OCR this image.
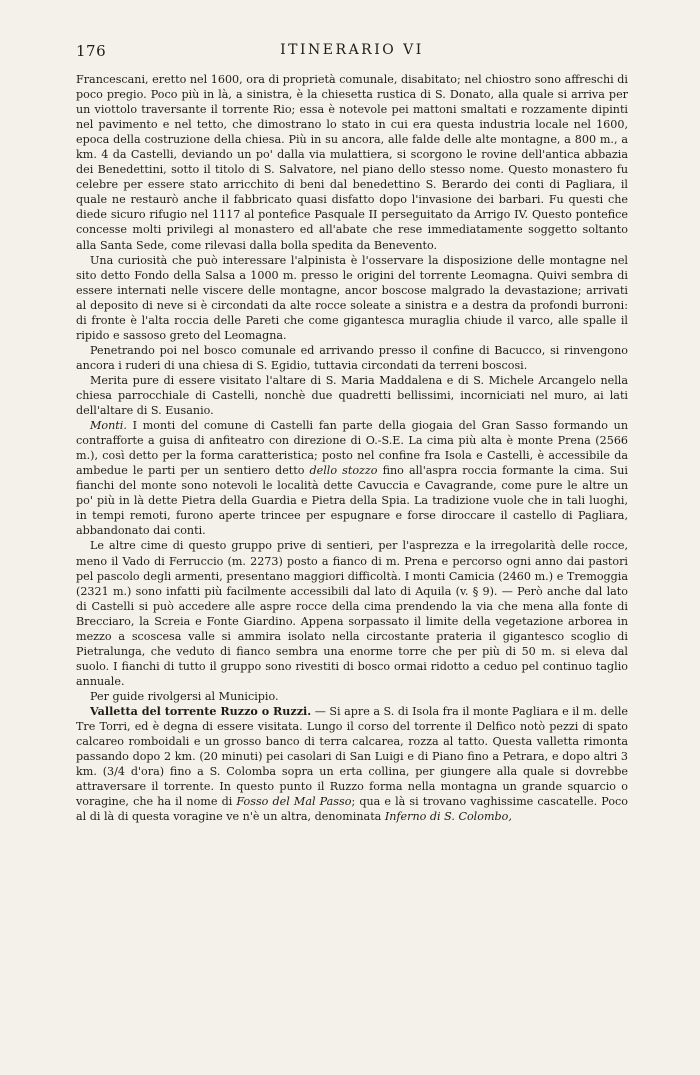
176	ITINERARIO VI

Francescani, eretto nel 1600, ora di proprietà comunale, disabitato; nel chiostro sono affreschi di poco pregio. Poco più in là, a sinistra, è la chiesetta rustica di S. Donato, alla quale si arriva per un viottolo traversante il torrente Rio; essa è notevole pei mattoni smaltati e rozzamente dipinti nel pavimento e nel tetto, che dimostrano lo stato in cui era questa industria locale nel 1600, epoca della costruzione della chiesa. Più in su ancora, alle falde delle alte montagne, a 800 m., a km. 4 da Castelli, deviando un po' dalla via mulattiera, si scorgono le rovine dell'antica abbazia dei Benedettini, sotto il titolo di S. Salvatore, nel piano dello stesso nome. Questo monastero fu celebre per essere stato arricchito di beni dal benedettino S. Berardo dei conti di Pagliara, il quale ne restaurò anche il fabbricato quasi disfatto dopo l'invasione dei barbari. Fu questi che diede sicuro rifugio nel 1117 al pontefice Pasquale II perseguitato da Arrigo IV. Questo pontefice concesse molti privilegi al monastero ed all'abate che rese immediatamente soggetto soltanto alla Santa Sede, come rilevasi dalla bolla spedita da Benevento.

Una curiosità che può interessare l'alpinista è l'osservare la disposizione delle montagne nel sito detto Fondo della Salsa a 1000 m. presso le origini del torrente Leomagna. Quivi sembra di essere internati nelle viscere delle montagne, ancor boscose malgrado la devastazione; arrivati al deposito di neve si è circondati da alte rocce soleate a sinistra e a destra da profondi burroni: di fronte è l'alta roccia delle Pareti che come gigantesca muraglia chiude il varco, alle spalle il ripido e sassoso greto del Leomagna.

Penetrando poi nel bosco comunale ed arrivando presso il confine di Bacucco, si rinvengono ancora i ruderi di una chiesa di S. Egidio, tuttavia circondati da terreni boscosi.

Merita pure di essere visitato l'altare di S. Maria Maddalena e di S. Michele Arcangelo nella chiesa parrocchiale di Castelli, nonchè due quadretti bellissimi, incorniciati nel muro, ai lati dell'altare di S. Eusanio.

Monti. I monti del comune di Castelli fan parte della giogaia del Gran Sasso formando un contrafforte a guisa di anfiteatro con direzione di O.-S.E. La cima più alta è monte Prena (2566 m.), così detto per la forma caratteristica; posto nel confine fra Isola e Castelli, è accessibile da ambedue le parti per un sentiero detto dello stozzo fino all'aspra roccia formante la cima. Sui fianchi del monte sono notevoli le località dette Cavuccia e Cavagrande, come pure le altre un po' più in là dette Pietra della Guardia e Pietra della Spia. La tradizione vuole che in tali luoghi, in tempi remoti, furono aperte trincee per espugnare e forse diroccare il castello di Pagliara, abbandonato dai conti.

Le altre cime di questo gruppo prive di sentieri, per l'asprezza e la irregolarità delle rocce, meno il Vado di Ferruccio (m. 2273) posto a fianco di m. Prena e percorso ogni anno dai pastori pel pascolo degli armenti, presentano maggiori difficoltà. I monti Camicia (2460 m.) e Tremoggia (2321 m.) sono infatti più facilmente accessibili dal lato di Aquila (v. § 9). — Però anche dal lato di Castelli si può accedere alle aspre rocce della cima prendendo la via che mena alla fonte di Brecciaro, la Screia e Fonte Giardino. Appena sorpassato il limite della vegetazione arborea in mezzo a scoscesa valle si ammira isolato nella circostante prateria il gigantesco scoglio di Pietralunga, che veduto di fianco sembra una enorme torre che per più di 50 m. si eleva dal suolo. I fianchi di tutto il gruppo sono rivestiti di bosco ormai ridotto a ceduo pel continuo taglio annuale.

Per guide rivolgersi al Municipio.

Valletta del torrente Ruzzo o Ruzzi. — Si apre a S. di Isola fra il monte Pagliara e il m. delle Tre Torri, ed è degna di essere visitata. Lungo il corso del torrente il Delfico notò pezzi di spato calcareo romboidali e un grosso banco di terra calcarea, rozza al tatto. Questa valletta rimonta passando dopo 2 km. (20 minuti) pei casolari di San Luigi e di Piano fino a Petrara, e dopo altri 3 km. (3/4 d'ora) fino a S. Colomba sopra un erta collina, per giungere alla quale si dovrebbe attraversare il torrente. In questo punto il Ruzzo forma nella montagna un grande squarcio o voragine, che ha il nome di Fosso del Mal Passo; qua e là si trovano vaghissime cascatelle. Poco al di là di questa voragine ve n'è un altra, denominata Inferno di S. Colombo,
